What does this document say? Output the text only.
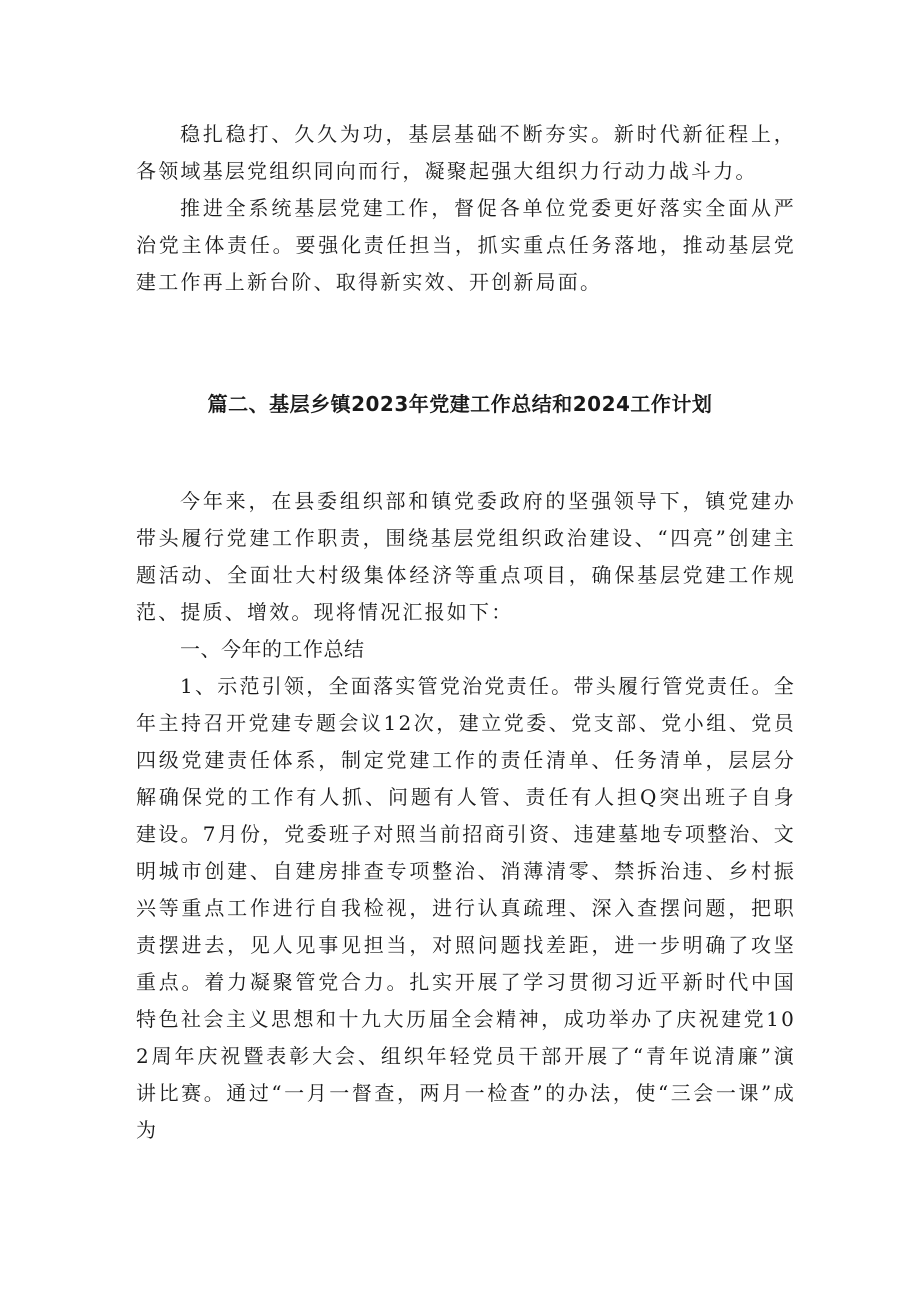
稳扎稳打、久久为功，基层基础不断夯实。新时代新征程上，各领域基层党组织同向而行，凝聚起强大组织力行动力战斗力。

推进全系统基层党建工作，督促各单位党委更好落实全面从严治党主体责任。要强化责任担当，抓实重点任务落地，推动基层党建工作再上新台阶、取得新实效、开创新局面。

篇二、基层乡镇2023年党建工作总结和2024工作计划

今年来，在县委组织部和镇党委政府的坚强领导下，镇党建办带头履行党建工作职责，围绕基层党组织政治建设、“四亮”创建主题活动、全面壮大村级集体经济等重点项目，确保基层党建工作规范、提质、增效。现将情况汇报如下：

一、今年的工作总结

1、示范引领，全面落实管党治党责任。带头履行管党责任。全年主持召开党建专题会议12次，建立党委、党支部、党小组、党员四级党建责任体系，制定党建工作的责任清单、任务清单，层层分解确保党的工作有人抓、问题有人管、责任有人担Q突出班子自身建设。7月份，党委班子对照当前招商引资、违建墓地专项整治、文明城市创建、自建房排查专项整治、消薄清零、禁拆治违、乡村振兴等重点工作进行自我检视，进行认真疏理、深入查摆问题，把职责摆进去，见人见事见担当，对照问题找差距，进一步明确了攻坚重点。着力凝聚管党合力。扎实开展了学习贯彻习近平新时代中国特色社会主义思想和十九大历届全会精神，成功举办了庆祝建党102周年庆祝暨表彰大会、组织年轻党员干部开展了“青年说清廉”演讲比赛。通过“一月一督查，两月一检查”的办法，使“三会一课”成为
